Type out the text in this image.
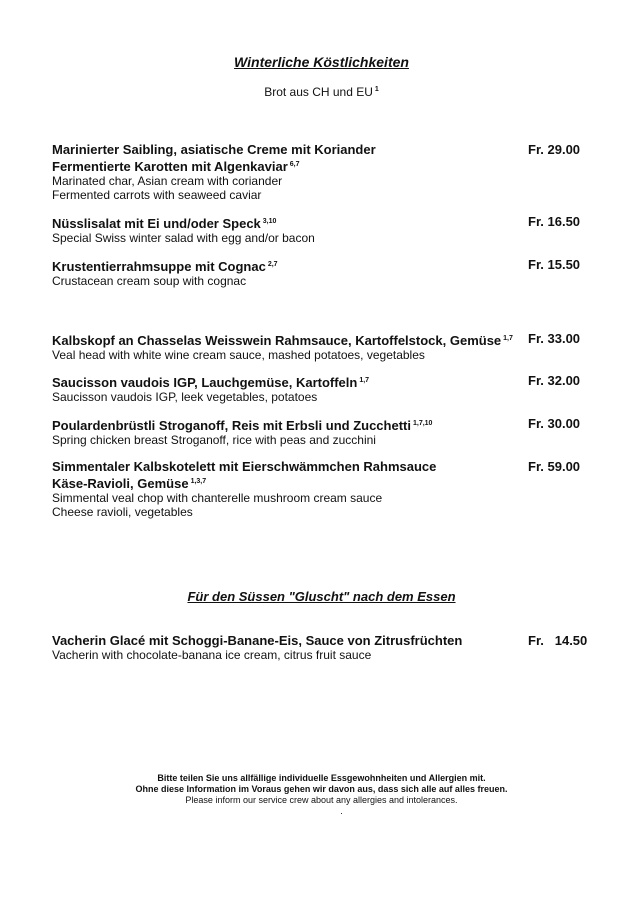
Winterliche Köstlichkeiten
Brot aus CH und EU $^1$
Marinierter Saibling, asiatische Creme mit Koriander
Fermentierte Karotten mit Algenkaviar $^{6,7}$
Marinated char, Asian cream with coriander
Fermented carrots with seaweed caviar
Fr. 29.00
Nüsslisalat mit Ei und/oder Speck $^{3,10}$
Special Swiss winter salad with egg and/or bacon
Fr. 16.50
Krustentierrahmsuppe mit Cognac $^{2,7}$
Crustacean cream soup with cognac
Fr. 15.50
Kalbskopf an Chasselas Weisswein Rahmsauce, Kartoffelstock, Gemüse $^{1,7}$
Veal head with white wine cream sauce, mashed potatoes, vegetables
Fr. 33.00
Saucisson vaudois IGP, Lauchgemüse, Kartoffeln $^{1,7}$
Saucisson vaudois IGP, leek vegetables, potatoes
Fr. 32.00
Poulardenbrüstli Stroganoff, Reis mit Erbsli und Zucchetti $^{1,7,10}$
Spring chicken breast Stroganoff, rice with peas and zucchini
Fr. 30.00
Simmentaler Kalbskotelett mit Eierschwämmchen Rahmsauce
Käse-Ravioli, Gemüse $^{1,3,7}$
Simmental veal chop with chanterelle mushroom cream sauce
Cheese ravioli, vegetables
Fr. 59.00
Für den Süssen "Gluscht" nach dem Essen
Vacherin Glacé mit Schoggi-Banane-Eis, Sauce von Zitrusfrüchten
Vacherin with chocolate-banana ice cream, citrus fruit sauce
Fr.   14.50
Bitte teilen Sie uns allfällige individuelle Essgewohnheiten und Allergien mit.
Ohne diese Information im Voraus gehen wir davon aus, dass sich alle auf alles freuen.
Please inform our service crew about any allergies and intolerances.
.
